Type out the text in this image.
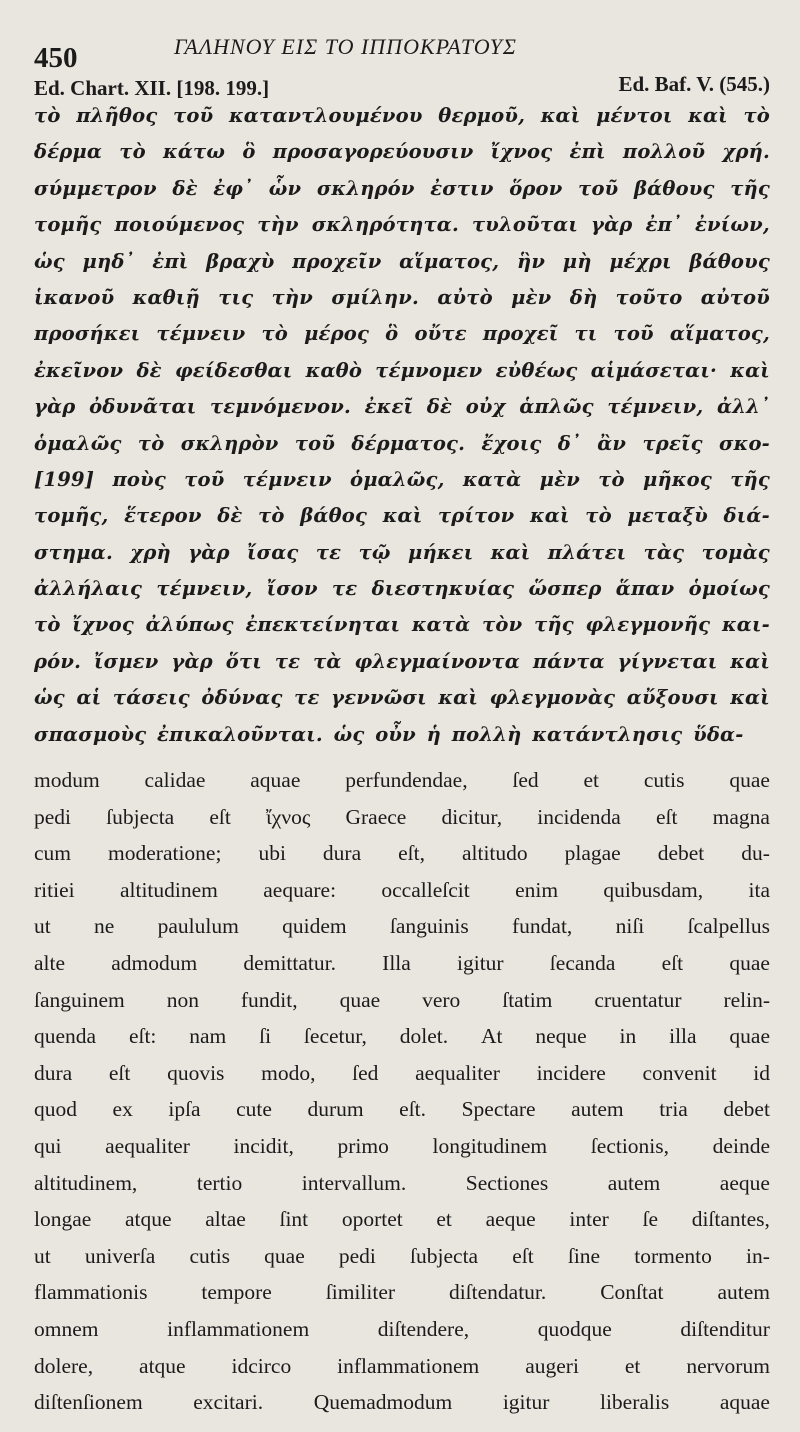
450	ΓΑΛΗΝΟΥ ΕΙΣ ΤΟ ΙΠΠΟΚΡΑΤΟΥΣ
Ed. Chart. XII. [198. 199.]	Ed. Baf. V. (545.)
τὸ πλῆθος τοῦ καταντλουμένου θερμοῦ, καὶ μέντοι καὶ τὸ
δέρμα τὸ κάτω ὃ προσαγορεύουσιν ἴχνος ἐπὶ πολλοῦ χρή.
σύμμετρον δὲ ἐφ᾿ ὧν σκληρόν ἐστιν ὅρον τοῦ βάθους τῆς
τομῆς ποιούμενος τὴν σκληρότητα. τυλοῦται γὰρ ἐπ᾿ ἐνίων,
ὡς μηδ᾿ ἐπὶ βραχὺ προχεῖν αἵματος, ἣν μὴ μέχρι βάθους
ἱκανοῦ καθιῇ τις τὴν σμίλην. αὐτὸ μὲν δὴ τοῦτο αὐτοῦ
προσήκει τέμνειν τὸ μέρος ὃ οὔτε προχεῖ τι τοῦ αἵματος,
ἐκεῖνον δὲ φείδεσθαι καθὸ τέμνομεν εὐθέως αἱμάσεται· καὶ
γὰρ ὀδυνᾶται τεμνόμενον. ἐκεῖ δὲ οὐχ ἁπλῶς τέμνειν, ἀλλ᾿
ὁμαλῶς τὸ σκληρὸν τοῦ δέρματος. ἔχοις δ᾿ ἂν τρεῖς σκο-
[199] ποὺς τοῦ τέμνειν ὁμαλῶς, κατὰ μὲν τὸ μῆκος τῆς
τομῆς, ἕτερον δὲ τὸ βάθος καὶ τρίτον καὶ τὸ μεταξὺ διά-
στημα. χρὴ γὰρ ἴσας τε τῷ μήκει καὶ πλάτει τὰς τομὰς
ἀλλήλαις τέμνειν, ἴσον τε διεστηκυίας ὥσπερ ἅπαν ὁμοίως
τὸ ἴχνος ἀλύπως ἐπεκτείνηται κατὰ τὸν τῆς φλεγμονῆς και-
ρόν. ἴσμεν γὰρ ὅτι τε τὰ φλεγμαίνοντα πάντα γίγνεται καὶ
ὡς αἱ τάσεις ὀδύνας τε γεννῶσι καὶ φλεγμονὰς αὔξουσι καὶ
σπασμοὺς ἐπικαλοῦνται. ὡς οὖν ἡ πολλὴ κατάντλησις ὕδα-
modum calidae aquae perfundendae, ſed et cutis quae
pedi ſubjecta eſt ἴχνος Graece dicitur, incidenda eſt magna
cum moderatione; ubi dura eſt, altitudo plagae debet du-
ritiei altitudinem aequare: occalleſcit enim quibusdam, ita
ut ne paululum quidem ſanguinis fundat, niſi ſcalpellus
alte admodum demittatur. Illa igitur ſecanda eſt quae
ſanguinem non fundit, quae vero ſtatim cruentatur relin-
quenda eſt: nam ſi ſecetur, dolet. At neque in illa quae
dura eſt quovis modo, ſed aequaliter incidere convenit id
quod ex ipſa cute durum eſt. Spectare autem tria debet
qui aequaliter incidit, primo longitudinem ſectionis, deinde
altitudinem,	tertio	intervallum.	Sectiones	autem	aeque
longae atque altae ſint oportet et aeque inter ſe diſtantes,
ut univerſa cutis quae pedi ſubjecta eſt ſine tormento in-
flammationis	tempore	ſimiliter	diſtendatur.	Conſtat	autem
omnem	inflammationem	diſtendere,	quodque	diſtenditur
dolere, atque idcirco inflammationem augeri et nervorum
diſtenſionem excitari. Quemadmodum igitur liberalis aquae
